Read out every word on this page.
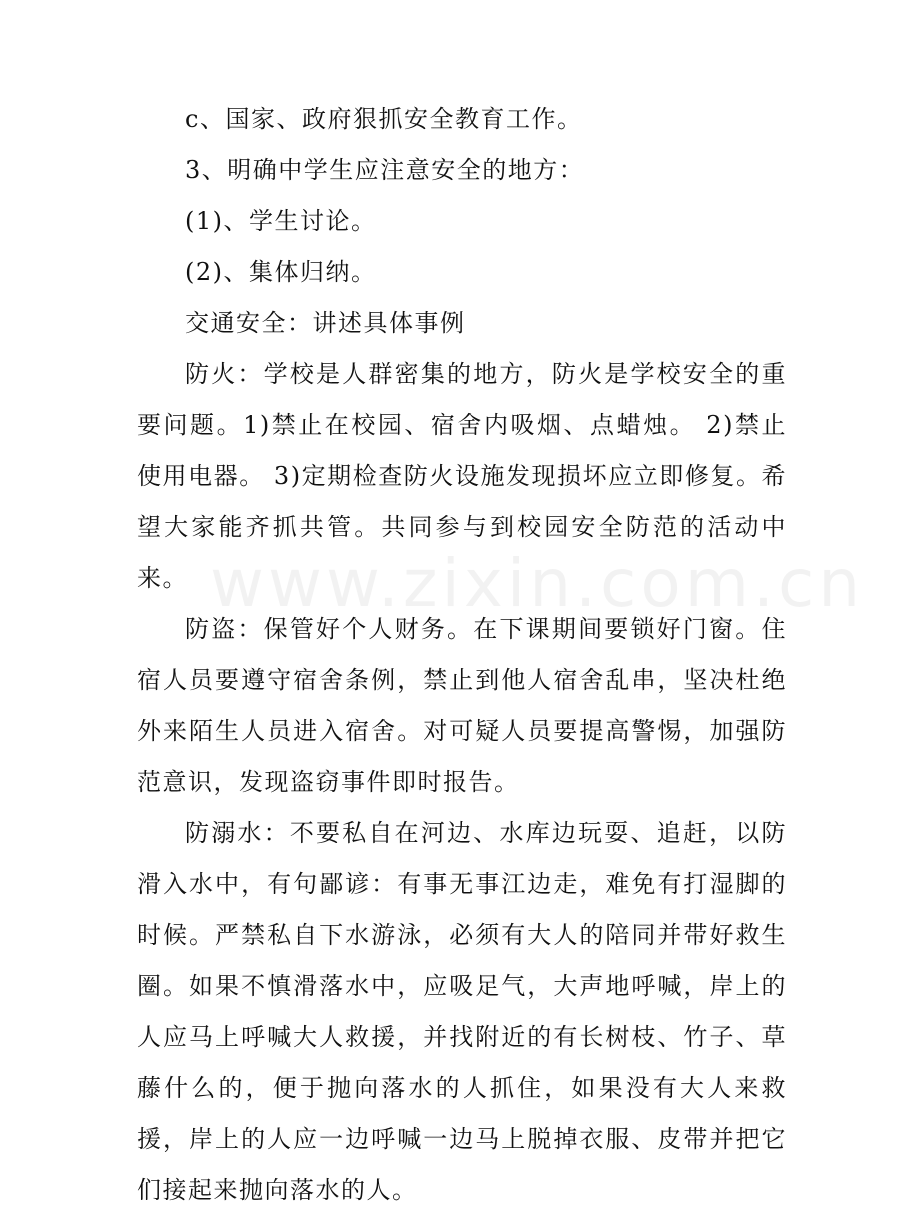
www.zixin.com.cn

c、国家、政府狠抓安全教育工作。

3、明确中学生应注意安全的地方：

(1)、学生讨论。

(2)、集体归纳。

交通安全：讲述具体事例

防火：学校是人群密集的地方，防火是学校安全的重要问题。1)禁止在校园、宿舍内吸烟、点蜡烛。 2)禁止使用电器。 3)定期检查防火设施发现损坏应立即修复。希望大家能齐抓共管。共同参与到校园安全防范的活动中来。

防盗：保管好个人财务。在下课期间要锁好门窗。住宿人员要遵守宿舍条例，禁止到他人宿舍乱串，坚决杜绝外来陌生人员进入宿舍。对可疑人员要提高警惕，加强防范意识，发现盗窃事件即时报告。

防溺水：不要私自在河边、水库边玩耍、追赶，以防滑入水中，有句鄙谚：有事无事江边走，难免有打湿脚的时候。严禁私自下水游泳，必须有大人的陪同并带好救生圈。如果不慎滑落水中，应吸足气，大声地呼喊，岸上的人应马上呼喊大人救援，并找附近的有长树枝、竹子、草藤什么的，便于抛向落水的人抓住，如果没有大人来救援，岸上的人应一边呼喊一边马上脱掉衣服、皮带并把它们接起来抛向落水的人。
